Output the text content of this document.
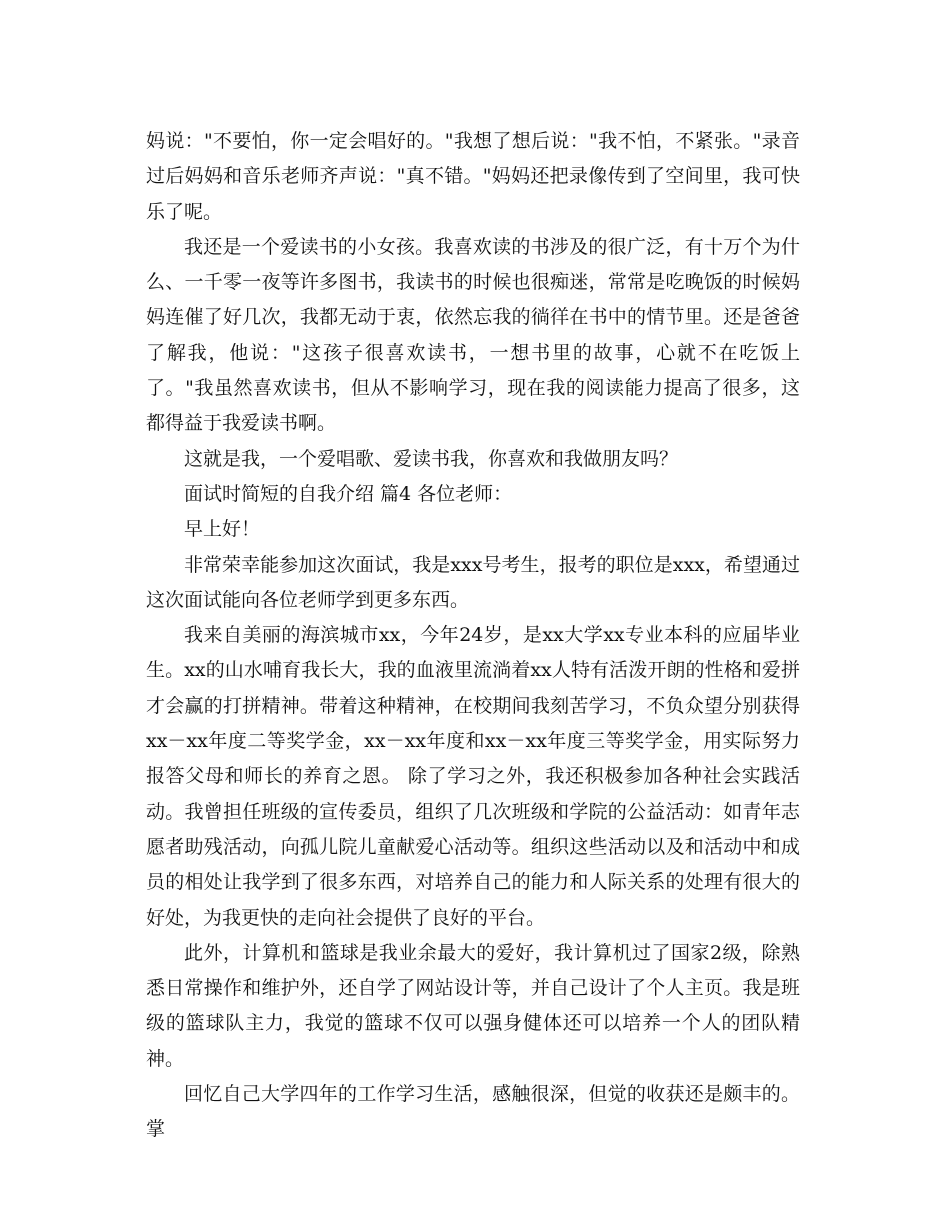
妈说："不要怕，你一定会唱好的。"我想了想后说："我不怕，不紧张。"录音过后妈妈和音乐老师齐声说："真不错。"妈妈还把录像传到了空间里，我可快乐了呢。

我还是一个爱读书的小女孩。我喜欢读的书涉及的很广泛，有十万个为什么、一千零一夜等许多图书，我读书的时候也很痴迷，常常是吃晚饭的时候妈妈连催了好几次，我都无动于衷，依然忘我的徜徉在书中的情节里。还是爸爸了解我，他说："这孩子很喜欢读书，一想书里的故事，心就不在吃饭上了。"我虽然喜欢读书，但从不影响学习，现在我的阅读能力提高了很多，这都得益于我爱读书啊。

这就是我，一个爱唱歌、爱读书我，你喜欢和我做朋友吗？

面试时简短的自我介绍 篇4 各位老师：

早上好！

非常荣幸能参加这次面试，我是xxx号考生，报考的职位是xxx，希望通过这次面试能向各位老师学到更多东西。

我来自美丽的海滨城市xx，今年24岁，是xx大学xx专业本科的应届毕业生。xx的山水哺育我长大，我的血液里流淌着xx人特有活泼开朗的性格和爱拼才会赢的打拼精神。带着这种精神，在校期间我刻苦学习，不负众望分别获得xx－xx年度二等奖学金，xx－xx年度和xx－xx年度三等奖学金，用实际努力报答父母和师长的养育之恩。 除了学习之外，我还积极参加各种社会实践活动。我曾担任班级的宣传委员，组织了几次班级和学院的公益活动：如青年志愿者助残活动，向孤儿院儿童献爱心活动等。组织这些活动以及和活动中和成员的相处让我学到了很多东西，对培养自己的能力和人际关系的处理有很大的好处，为我更快的走向社会提供了良好的平台。

此外，计算机和篮球是我业余最大的爱好，我计算机过了国家2级，除熟悉日常操作和维护外，还自学了网站设计等，并自己设计了个人主页。我是班级的篮球队主力，我觉的篮球不仅可以强身健体还可以培养一个人的团队精神。

回忆自己大学四年的工作学习生活，感触很深，但觉的收获还是颇丰的。掌
